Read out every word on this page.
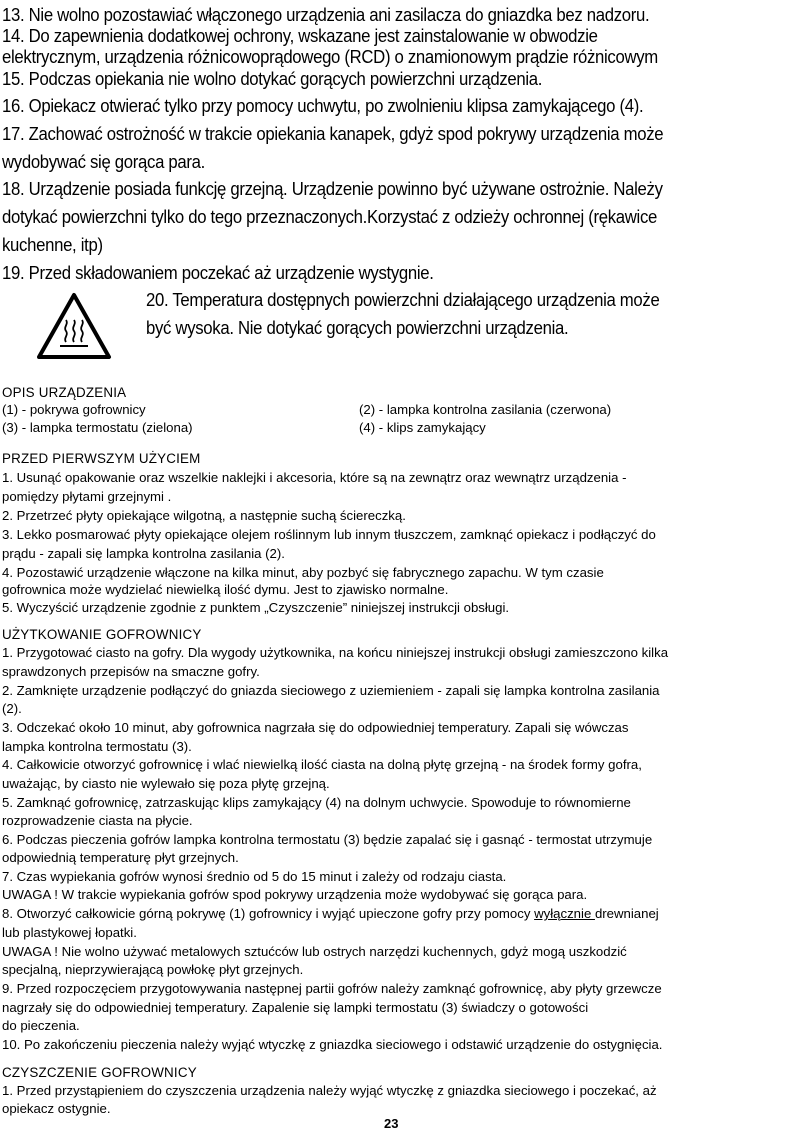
13. Nie wolno pozostawiać włączonego urządzenia ani zasilacza do gniazdka bez nadzoru.
14. Do zapewnienia dodatkowej ochrony, wskazane jest zainstalowanie w obwodzie
elektrycznym, urządzenia różnicowoprądowego (RCD) o znamionowym prądzie różnicowym
15. Podczas opiekania nie wolno dotykać gorących powierzchni urządzenia.
16. Opiekacz otwierać tylko przy pomocy uchwytu, po zwolnieniu klipsa zamykającego (4).
17. Zachować ostrożność w trakcie opiekania kanapek, gdyż spod pokrywy urządzenia może
wydobywać się gorąca para.
18. Urządzenie posiada funkcję grzejną. Urządzenie powinno być używane ostrożnie. Należy
dotykać powierzchni tylko do tego przeznaczonych.Korzystać z odzieży ochronnej (rękawice
kuchenne, itp)
19. Przed składowaniem poczekać aż urządzenie wystygnie.
20. Temperatura dostępnych powierzchni działającego urządzenia może
być wysoka. Nie dotykać gorących powierzchni urządzenia.
OPIS URZĄDZENIA
(1) - pokrywa gofrownicy	(2) - lampka kontrolna zasilania (czerwona)
(3) - lampka termostatu (zielona)	(4) - klips zamykający
PRZED PIERWSZYM UŻYCIEM
1. Usunąć opakowanie oraz wszelkie naklejki i akcesoria, które są na zewnątrz oraz wewnątrz urządzenia -
pomiędzy płytami grzejnymi .
2. Przetrzeć płyty opiekające wilgotną, a następnie suchą ściereczką.
3. Lekko posmarować płyty opiekające olejem roślinnym lub innym tłuszczem, zamknąć opiekacz i podłączyć do
prądu - zapali się lampka kontrolna zasilania (2).
4. Pozostawić urządzenie włączone na kilka minut, aby pozbyć się fabrycznego zapachu. W tym czasie
gofrownica może wydzielać niewielką ilość dymu. Jest to zjawisko normalne.
5. Wyczyścić urządzenie zgodnie z punktem „Czyszczenie” niniejszej instrukcji obsługi.
UŻYTKOWANIE GOFROWNICY
1. Przygotować ciasto na gofry. Dla wygody użytkownika, na końcu niniejszej instrukcji obsługi zamieszczono kilka
sprawdzonych przepisów na smaczne gofry.
2. Zamknięte urządzenie podłączyć do gniazda sieciowego z uziemieniem - zapali się lampka kontrolna zasilania
(2).
3. Odczekać około 10 minut, aby gofrownica nagrzała się do odpowiedniej temperatury. Zapali się wówczas
lampka kontrolna termostatu (3).
4. Całkowicie otworzyć gofrownicę i wlać niewielką ilość ciasta na dolną płytę grzejną - na środek formy gofra,
uważając, by ciasto nie wylewało się poza płytę grzejną.
5. Zamknąć gofrownicę, zatrzaskując klips zamykający (4) na dolnym uchwycie. Spowoduje to równomierne
rozprowadzenie ciasta na płycie.
6. Podczas pieczenia gofrów lampka kontrolna termostatu (3) będzie zapalać się i gasnąć - termostat utrzymuje
odpowiednią temperaturę płyt grzejnych.
7. Czas wypiekania gofrów wynosi średnio od 5 do 15 minut i zależy od rodzaju ciasta.
UWAGA ! W trakcie wypiekania gofrów spod pokrywy urządzenia może wydobywać się gorąca para.
8. Otworzyć całkowicie górną pokrywę (1) gofrownicy i wyjąć upieczone gofry przy pomocy wyłącznie drewnianej
lub plastykowej łopatki.
UWAGA ! Nie wolno używać metalowych sztućców lub ostrych narzędzi kuchennych, gdyż mogą uszkodzić
specjalną, nieprzywierającą powłokę płyt grzejnych.
9. Przed rozpoczęciem przygotowywania następnej partii gofrów należy zamknąć gofrownicę, aby płyty grzewcze
nagrzały się do odpowiedniej temperatury. Zapalenie się lampki termostatu (3) świadczy o gotowości
do pieczenia.
10. Po zakończeniu pieczenia należy wyjąć wtyczkę z gniazdka sieciowego i odstawić urządzenie do ostygnięcia.
CZYSZCZENIE GOFROWNICY
1. Przed przystąpieniem do czyszczenia urządzenia należy wyjąć wtyczkę z gniazdka sieciowego i poczekać, aż
opiekacz ostygnie.
23
